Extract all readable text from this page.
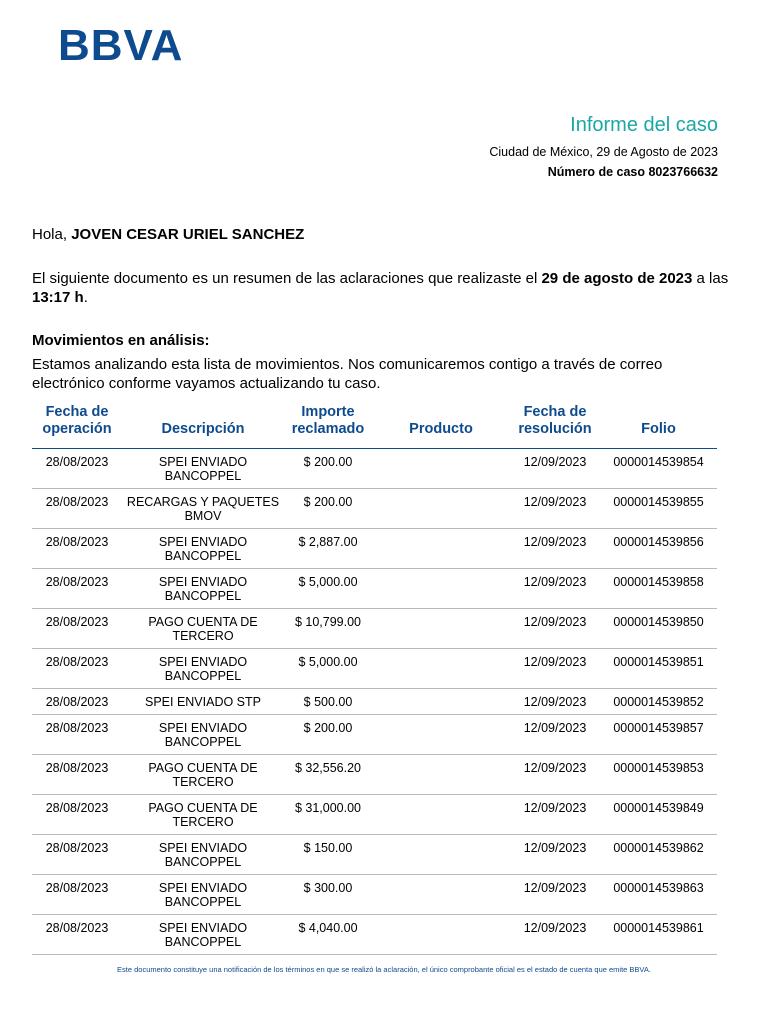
BBVA
Informe del caso
Ciudad de México, 29 de Agosto de 2023
Número de caso 8023766632
Hola, JOVEN CESAR URIEL SANCHEZ
El siguiente documento es un resumen de las aclaraciones que realizaste el 29 de agosto de 2023 a las 13:17 h.
Movimientos en análisis:
Estamos analizando esta lista de movimientos. Nos comunicaremos contigo a través de correo electrónico conforme vayamos actualizando tu caso.
Fecha de operación	Descripción	Importe reclamado	Producto	Fecha de resolución	Folio
28/08/2023	SPEI ENVIADO BANCOPPEL	$ 200.00		12/09/2023	0000014539854
28/08/2023	RECARGAS Y PAQUETES BMOV	$ 200.00		12/09/2023	0000014539855
28/08/2023	SPEI ENVIADO BANCOPPEL	$ 2,887.00		12/09/2023	0000014539856
28/08/2023	SPEI ENVIADO BANCOPPEL	$ 5,000.00		12/09/2023	0000014539858
28/08/2023	PAGO CUENTA DE TERCERO	$ 10,799.00		12/09/2023	0000014539850
28/08/2023	SPEI ENVIADO BANCOPPEL	$ 5,000.00		12/09/2023	0000014539851
28/08/2023	SPEI ENVIADO STP	$ 500.00		12/09/2023	0000014539852
28/08/2023	SPEI ENVIADO BANCOPPEL	$ 200.00		12/09/2023	0000014539857
28/08/2023	PAGO CUENTA DE TERCERO	$ 32,556.20		12/09/2023	0000014539853
28/08/2023	PAGO CUENTA DE TERCERO	$ 31,000.00		12/09/2023	0000014539849
28/08/2023	SPEI ENVIADO BANCOPPEL	$ 150.00		12/09/2023	0000014539862
28/08/2023	SPEI ENVIADO BANCOPPEL	$ 300.00		12/09/2023	0000014539863
28/08/2023	SPEI ENVIADO BANCOPPEL	$ 4,040.00		12/09/2023	0000014539861
Este documento constituye una notificación de los términos en que se realizó la aclaración, el único comprobante oficial es el estado de cuenta que emite BBVA.
